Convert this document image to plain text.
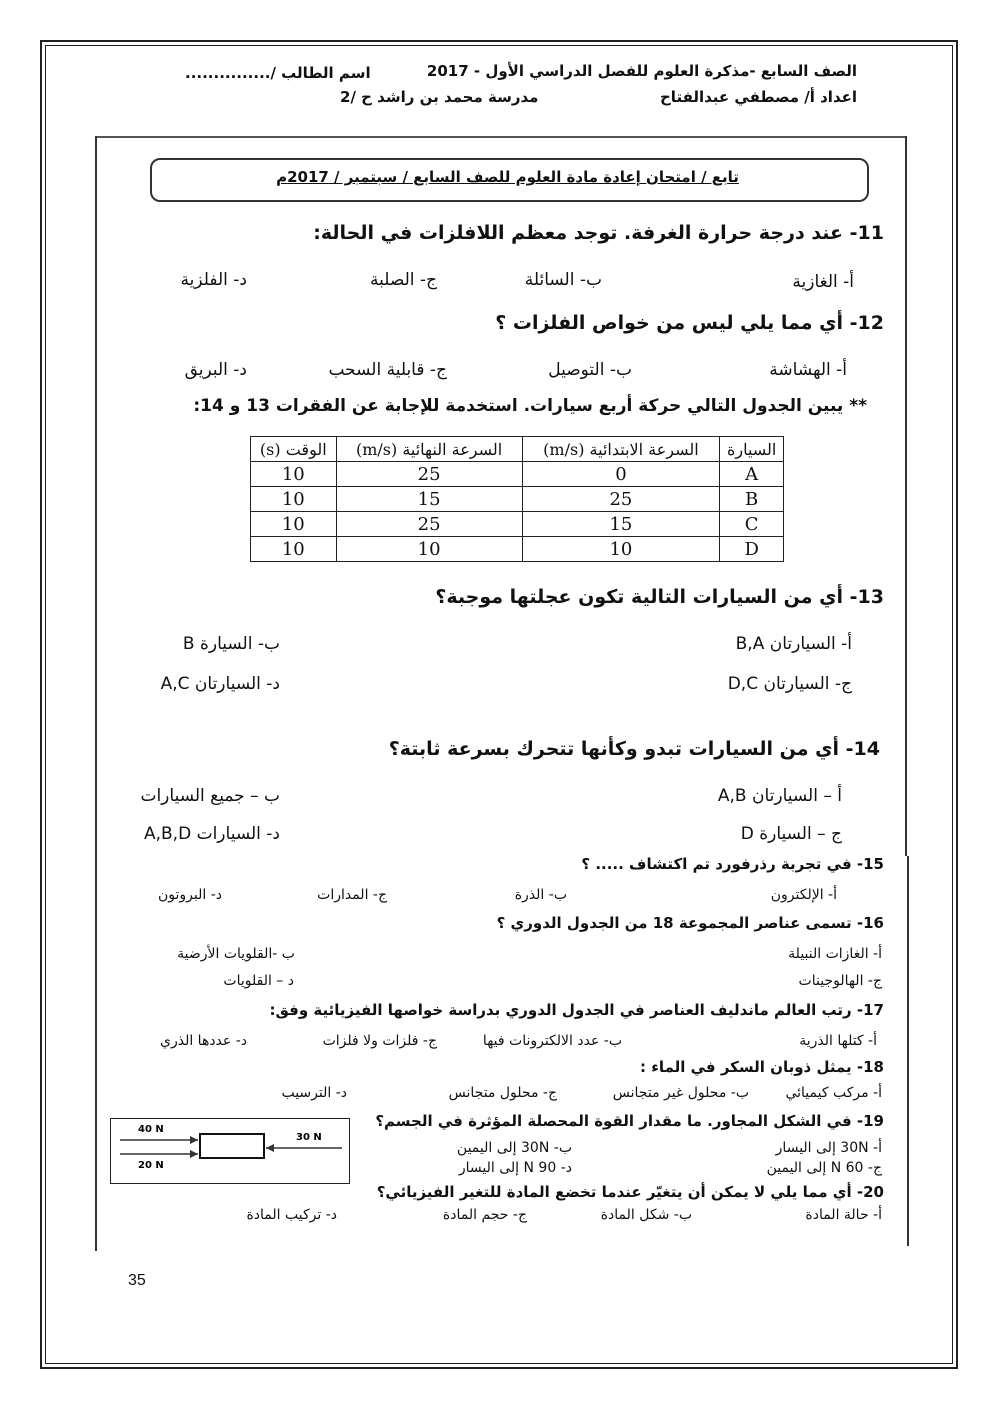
الصف السابع -مذكرة العلوم للفصل الدراسي الأول - 2017
اسم الطالب /...............
اعداد أ/ مصطفي عبدالفتاح
مدرسة محمد بن راشد ح /2
تابع / امتحان إعادة مادة العلوم للصف السابع / سبتمبر / 2017م
11- عند درجة حرارة الغرفة. توجد معظم اللافلزات في الحالة:
أ- الغازية
ب- السائلة
ج- الصلبة
د- الفلزية
12- أي مما يلي ليس من خواص الفلزات ؟
أ- الهشاشة
ب- التوصيل
ج- قابلية السحب
د- البريق
** يبين الجدول التالي حركة أربع سيارات. استخدمة للإجابة عن الفقرات 13 و 14:
الوقت (s)	السرعة النهائية (m/s)	السرعة الابتدائية (m/s)	السيارة
10	25	0	A
10	15	25	B
10	25	15	C
10	10	10	D
13- أي من السيارات التالية تكون عجلتها موجبة؟
أ- السيارتان B,A
ب- السيارة B
ج- السيارتان D,C
د- السيارتان A,C
14- أي من السيارات تبدو وكأنها تتحرك بسرعة ثابتة؟
أ – السيارتان A,B
ب – جميع السيارات
ج – السيارة D
د- السيارات A,B,D
15- في تجربة رذرفورد تم اكتشاف ..... ؟
أ- الإلكترون
ب- الذرة
ج- المدارات
د- البروتون
16- تسمى عناصر المجموعة 18 من الجدول الدوري ؟
أ- الغازات النبيلة
ب -القلويات الأرضية
ج- الهالوجينات
د – القلويات
17- رتب العالم ماندليف العناصر في الجدول الدوري بدراسة خواصها الفيزيائية وفق:
أ- كتلها الذرية
ب- عدد الالكترونات فيها
ج- فلزات ولا فلزات
د- عددها الذري
18- يمثل ذوبان السكر في الماء :
أ- مركب كيميائي
ب- محلول غير متجانس
ج- محلول متجانس
د- الترسيب
40 N
20 N
30 N
19- في الشكل المجاور. ما مقدار القوة المحصلة المؤثرة في الجسم؟
أ- 30N إلى اليسار
ب- 30N إلى اليمين
ج- 60 N إلى اليمين
د- 90 N إلى اليسار
20- أي مما يلي لا يمكن أن يتغيّر عندما تخضع المادة للتغير الفيزيائي؟
أ- حالة المادة
ب- شكل المادة
ج- حجم المادة
د- تركيب المادة
35
